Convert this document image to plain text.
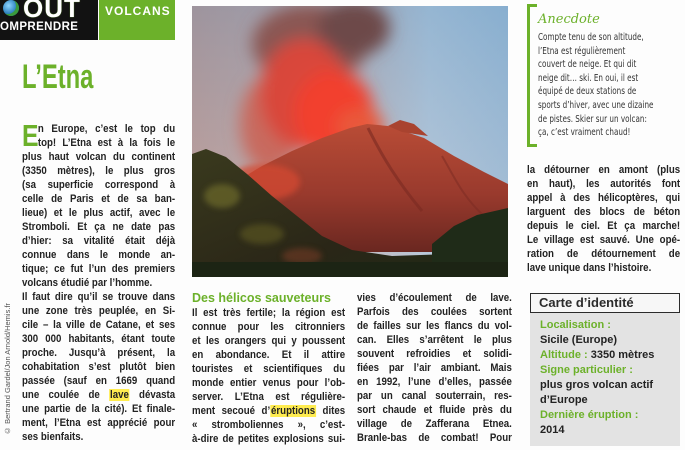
OUT
OMPRENDRE
VOLCANS
L’Etna
E n Europe, c’est le top du
top! L’Etna est à la fois le
plus haut volcan du continent
(3350 mètres), le plus gros
(sa superficie correspond à
celle de Paris et de sa ban-
lieue) et le plus actif, avec le
Stromboli. Et ça ne date pas
d’hier: sa vitalité était déjà
connue dans le monde an-
tique; ce fut l’un des premiers
volcans étudié par l’homme.
Il faut dire qu’il se trouve dans
une zone très peuplée, en Si-
cile – la ville de Catane, et ses
300 000 habitants, étant toute
proche. Jusqu’à présent, la
cohabitation s’est plutôt bien
passée (sauf en 1669 quand
une coulée de lave dévasta
une partie de la cité). Et finale-
ment, l’Etna est apprécié pour
ses bienfaits.
© Bertrand Gardel/Jon Arnold/Hemis.fr
Des hélicos sauveteurs
Il est très fertile; la région est
connue pour les citronniers
et les orangers qui y poussent
en abondance. Et il attire
touristes et scientifiques du
monde entier venus pour l’ob-
server. L’Etna est régulière-
ment secoué d’éruptions dites
« stromboliennes », c’est-
à-dire de petites explosions sui-
vies d’écoulement de lave.
Parfois des coulées sortent
de failles sur les flancs du vol-
can. Elles s’arrêtent le plus
souvent refroidies et solidi-
fiées par l’air ambiant. Mais
en 1992, l’une d’elles, passée
par un canal souterrain, res-
sort chaude et fluide près du
village de Zafferana Etnea.
Branle-bas de combat! Pour
Anecdote
Compte tenu de son altitude,
l’Etna est régulièrement
couvert de neige. Et qui dit
neige dit… ski. En oui, il est
équipé de deux stations de
sports d’hiver, avec une dizaine
de pistes. Skier sur un volcan:
ça, c’est vraiment chaud!
la détourner en amont (plus
en haut), les autorités font
appel à des hélicoptères, qui
larguent des blocs de béton
depuis le ciel. Et ça marche!
Le village est sauvé. Une opé-
ration de détournement de
lave unique dans l’histoire.
Carte d’identité
Localisation :
Sicile (Europe)
Altitude : 3350 mètres
Signe particulier :
plus gros volcan actif
d’Europe
Dernière éruption :
2014
